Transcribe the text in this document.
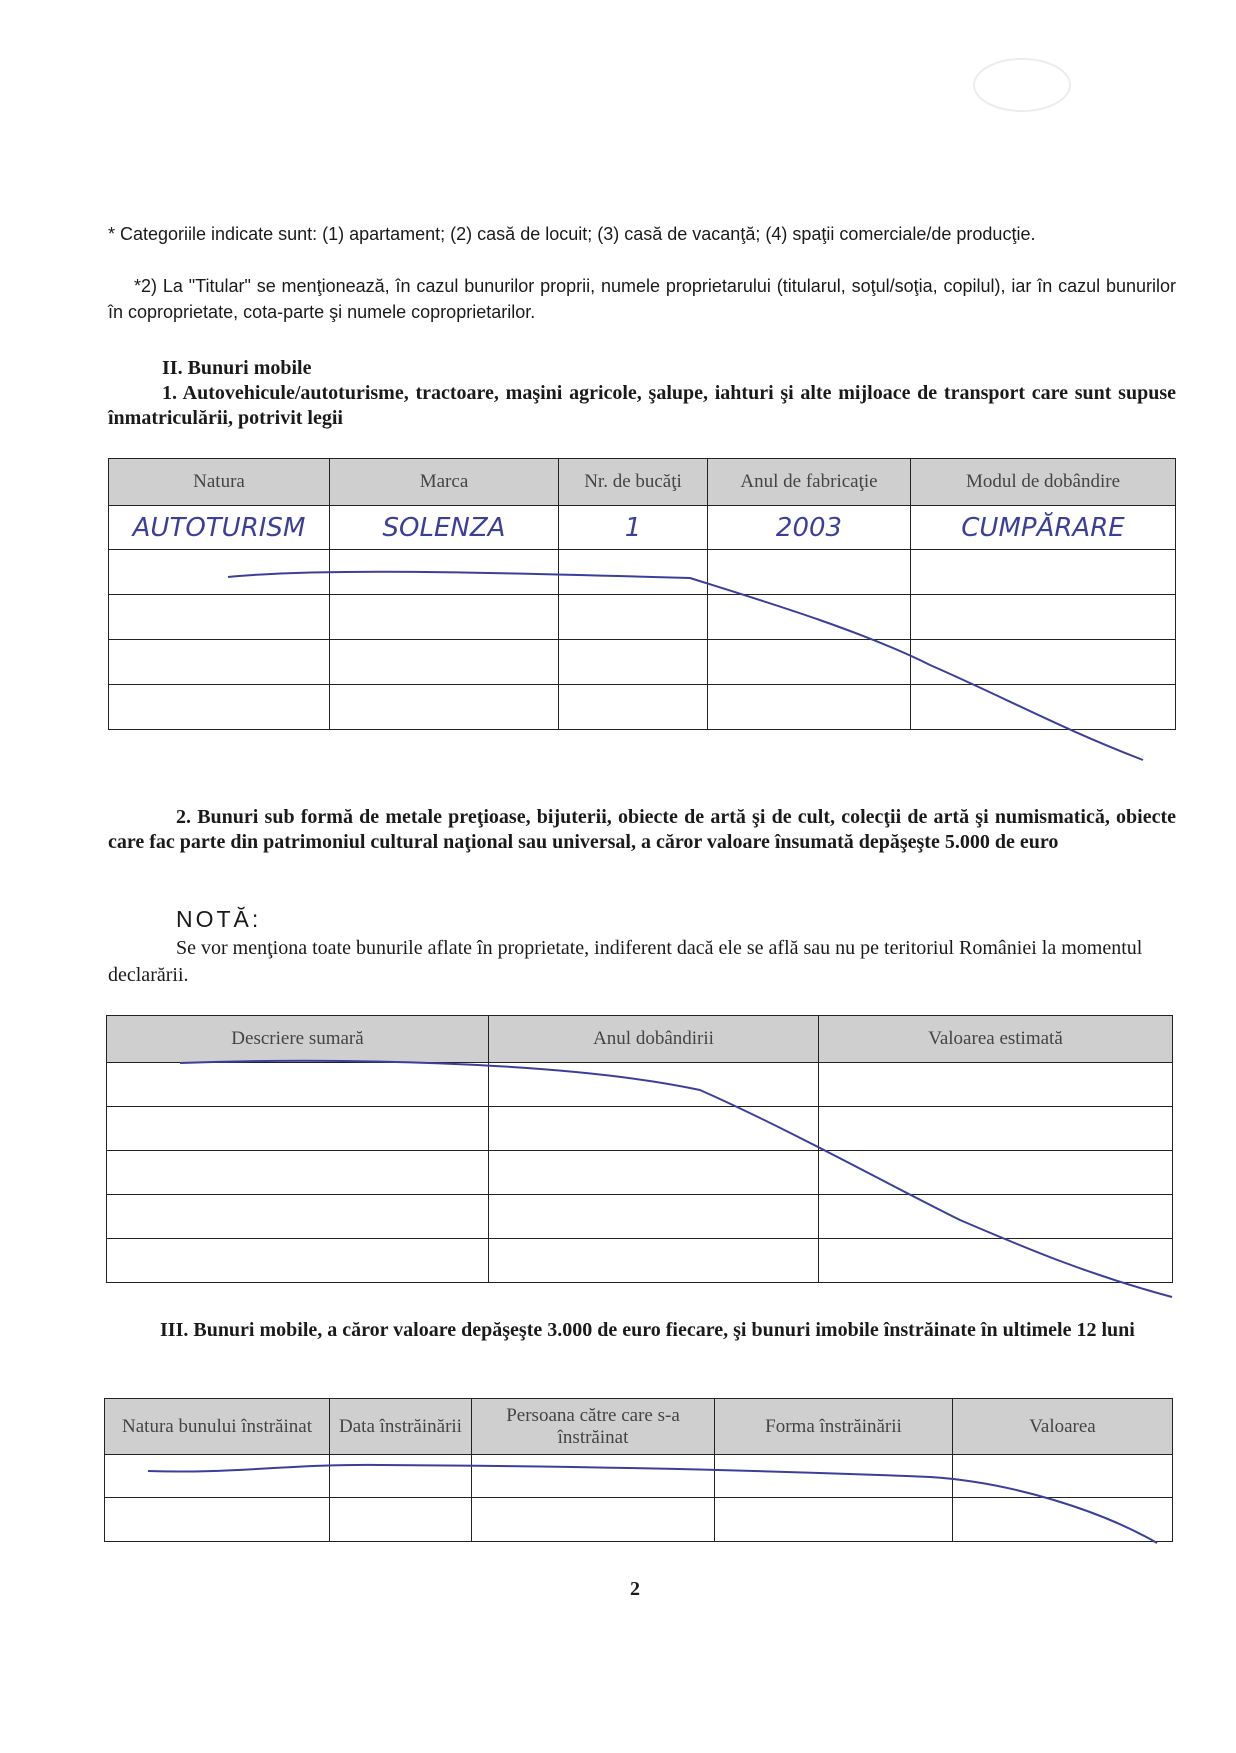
* Categoriile indicate sunt: (1) apartament; (2) casă de locuit; (3) casă de vacanţă; (4) spaţii comerciale/de producţie.
*2) La "Titular" se menţionează, în cazul bunurilor proprii, numele proprietarului (titularul, soţul/soţia, copilul), iar în cazul bunurilor în coproprietate, cota-parte şi numele coproprietarilor.
II. Bunuri mobile
1. Autovehicule/autoturisme, tractoare, maşini agricole, şalupe, iahturi şi alte mijloace de transport care sunt supuse înmatriculării, potrivit legii
Natura	Marca	Nr. de bucăţi	Anul de fabricaţie	Modul de dobândire
AUTOTURISM	SOLENZA	1	2003	CUMPĂRARE

2. Bunuri sub formă de metale preţioase, bijuterii, obiecte de artă şi de cult, colecţii de artă şi numismatică, obiecte care fac parte din patrimoniul cultural naţional sau universal, a căror valoare însumată depăşeşte 5.000 de euro
NOTĂ:
Se vor menţiona toate bunurile aflate în proprietate, indiferent dacă ele se află sau nu pe teritoriul României la momentul declarării.
Descriere sumară	Anul dobândirii	Valoarea estimată

III. Bunuri mobile, a căror valoare depăşeşte 3.000 de euro fiecare, şi bunuri imobile înstrăinate în ultimele 12 luni
Natura bunului înstrăinat	Data înstrăinării	Persoana către care s-a înstrăinat	Forma înstrăinării	Valoarea

2
